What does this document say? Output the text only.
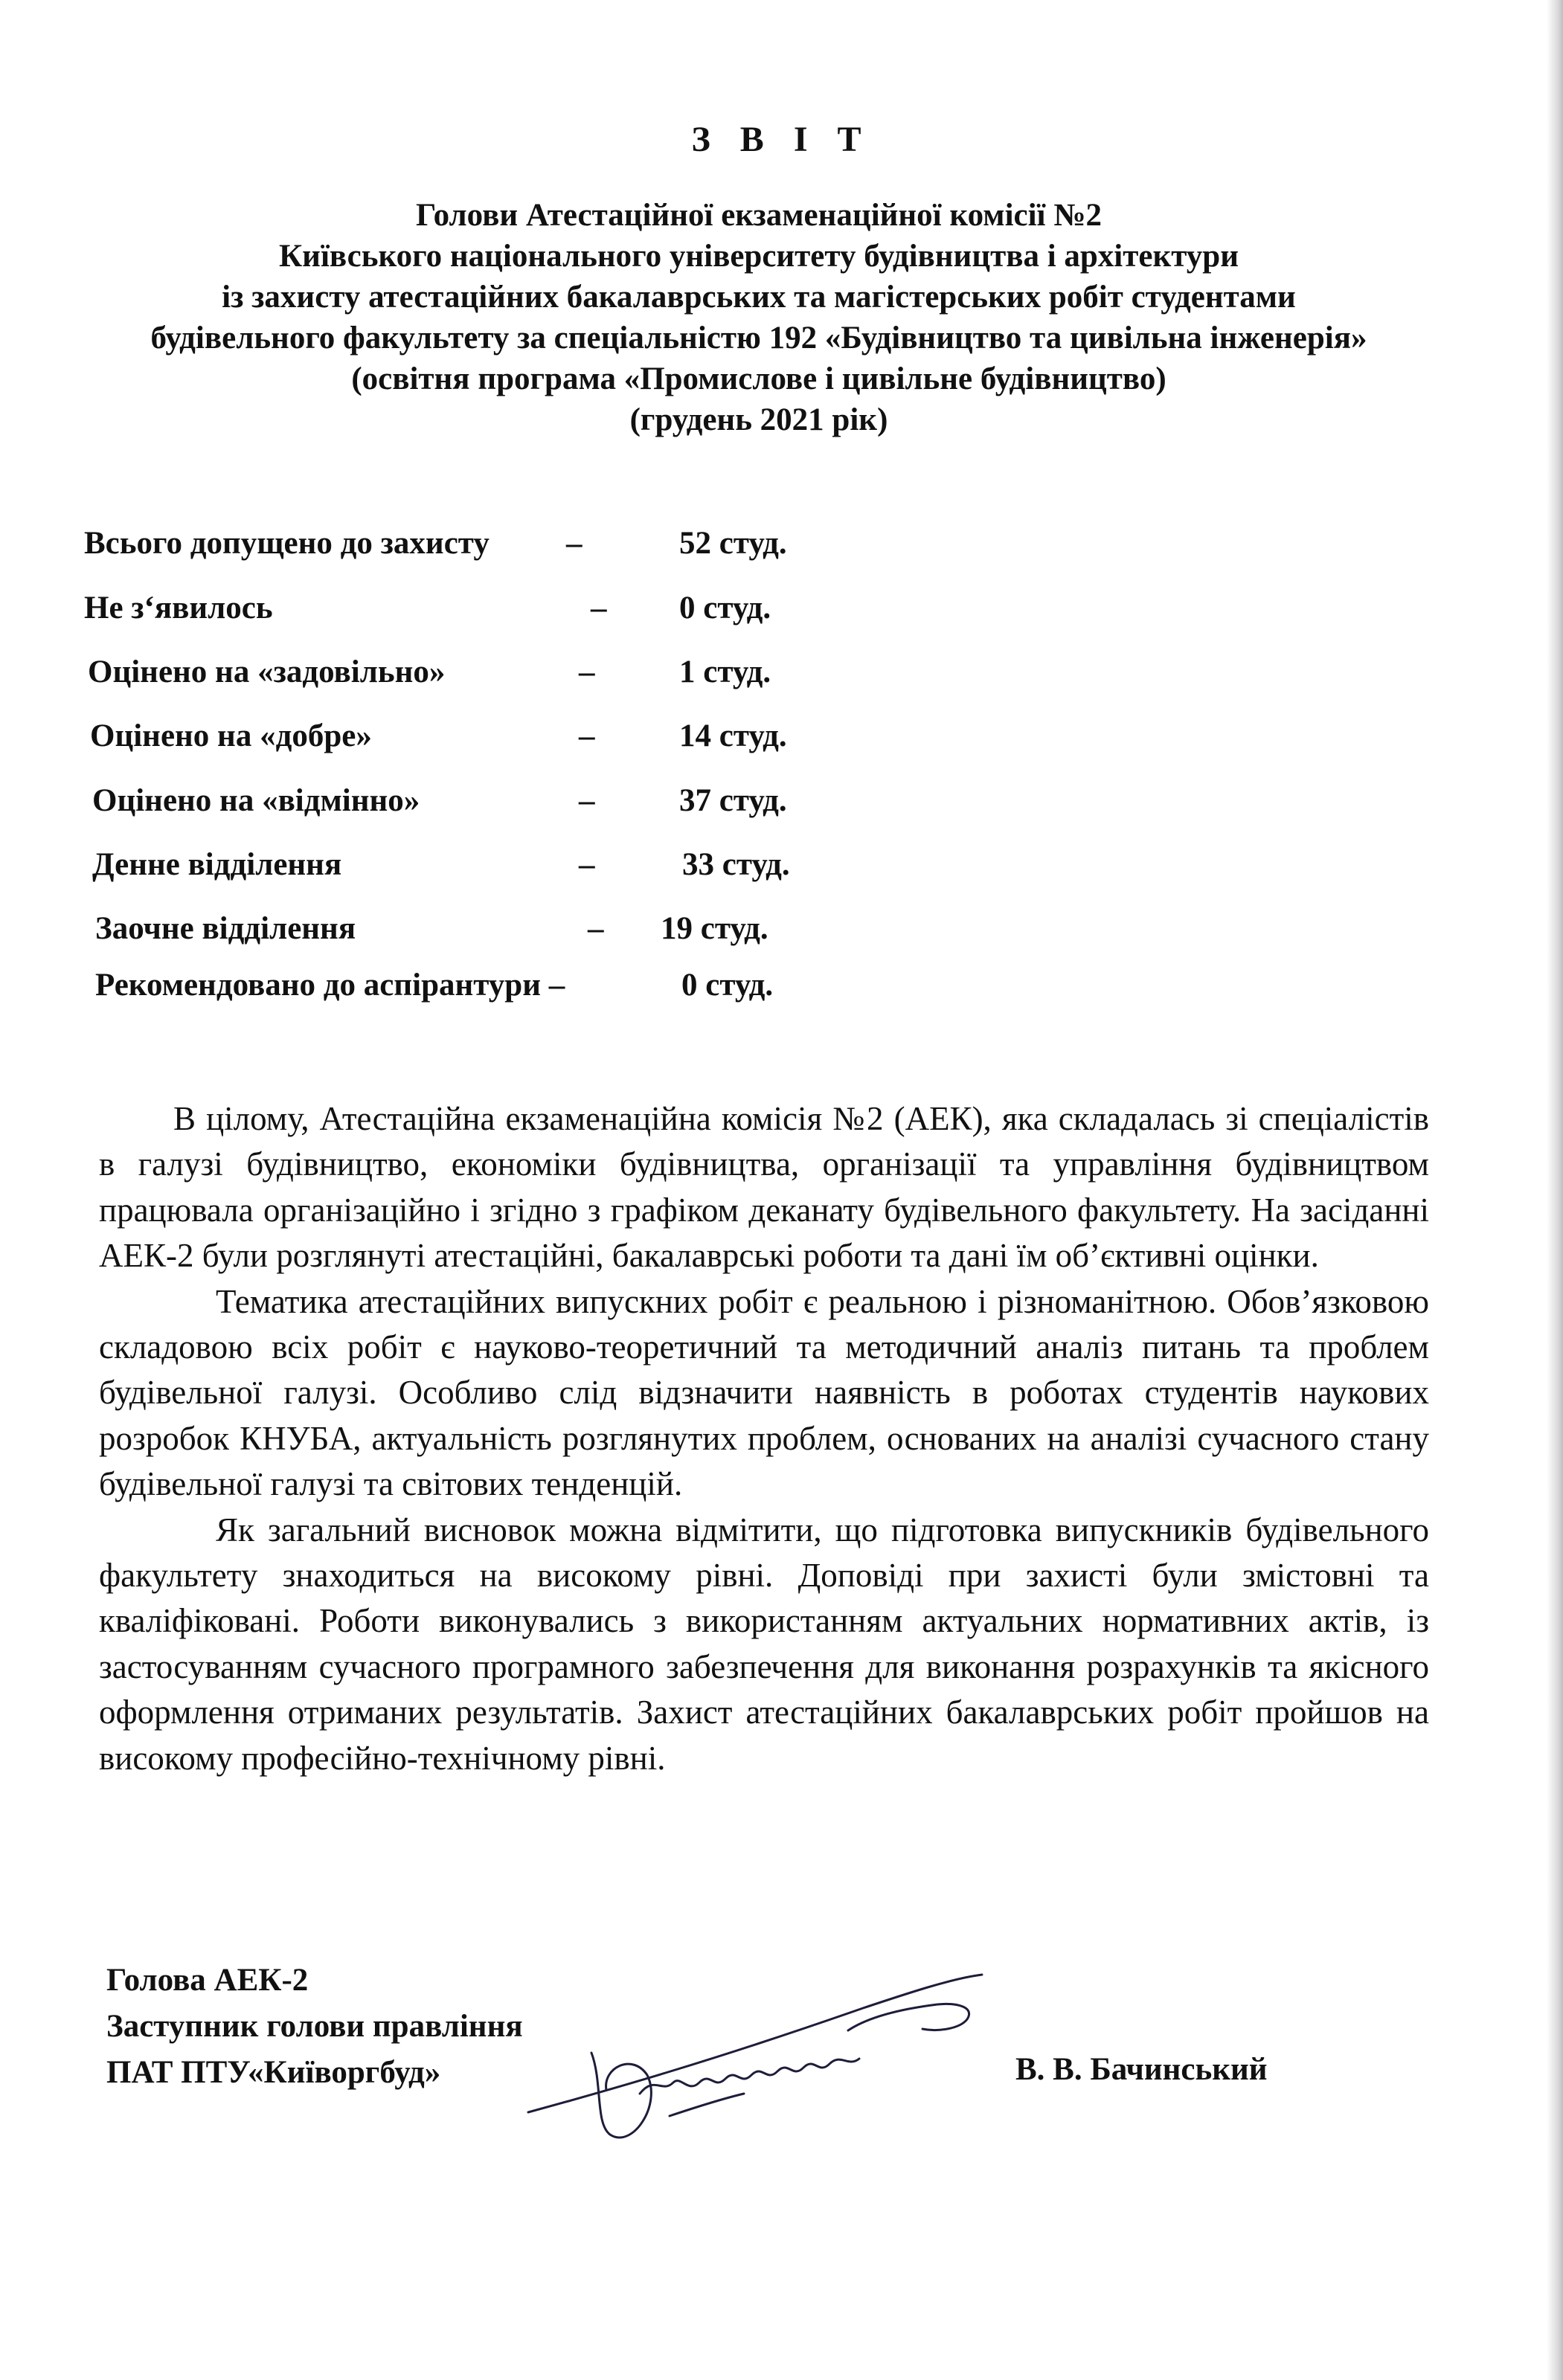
З В І Т
Голови Атестаційної екзаменаційної комісії №2
Київського національного університету будівництва і архітектури
із захисту атестаційних бакалаврських та магістерських робіт студентами
будівельного факультету за спеціальністю 192 «Будівництво та цивільна інженерія»
(освітня програма «Промислове і цивільне будівництво)
(грудень 2021 рік)
Всього допущено до захисту –	52 студ.
Не з‘явилось	– 0 студ.
Оцінено на «задовільно»	–	1 студ.
Оцінено на «добре»	–	14 студ.
Оцінено на «відмінно»	–	37 студ.
Денне відділення	–	33 студ.
Заочне відділення	– 19 студ.
Рекомендовано до аспірантури –	0 студ.

В цілому, Атестаційна екзаменаційна комісія №2 (АЕК), яка складалась зі спеціалістів в галузі будівництво, економіки будівництва, організації та управління будівництвом працювала організаційно і згідно з графіком деканату будівельного факультету. На засіданні АЕК-2 були розглянуті атестаційні, бакалаврські роботи та дані їм об’єктивні оцінки.

Тематика атестаційних випускних робіт є реальною і різноманітною. Обов’язковою складовою всіх робіт є науково-теоретичний та методичний аналіз питань та проблем будівельної галузі. Особливо слід відзначити наявність в роботах студентів наукових розробок КНУБА, актуальність розглянутих проблем, основаних на аналізі сучасного стану будівельної галузі та світових тенденцій.

Як загальний висновок можна відмітити, що підготовка випускників будівельного факультету знаходиться на високому рівні. Доповіді при захисті були змістовні та кваліфіковані. Роботи виконувались з використанням актуальних нормативних актів, із застосуванням сучасного програмного забезпечення для виконання розрахунків та якісного оформлення отриманих результатів. Захист атестаційних бакалаврських робіт пройшов на високому професійно-технічному рівні.

Голова АЕК-2
Заступник голови правління
ПАТ ПТУ«Київоргбуд»	В. В. Бачинський
